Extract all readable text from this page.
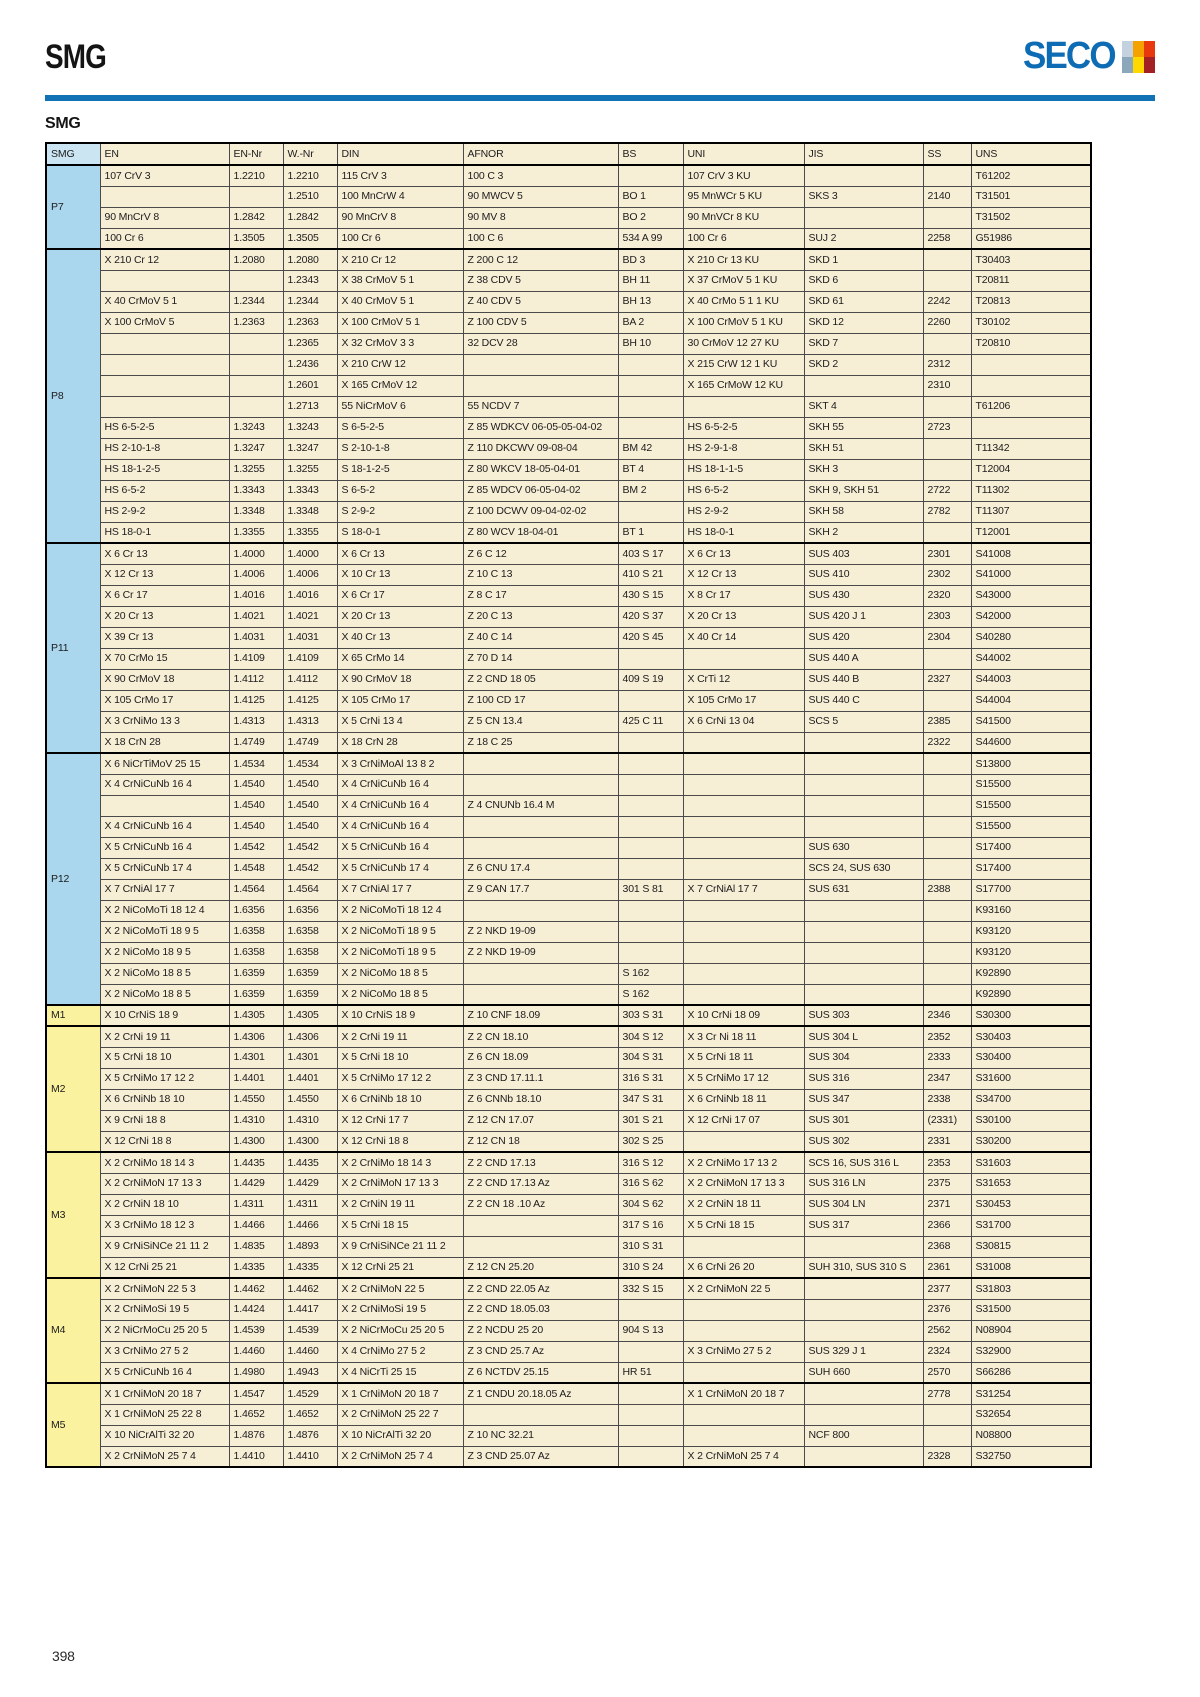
SMG	SECO
SMG
SMG	EN	EN-Nr	W.-Nr	DIN	AFNOR	BS	UNI	JIS	SS	UNS
P7	107 CrV 3	1.2210	1.2210	115 CrV 3	100 C 3		107 CrV 3 KU			T61202
			1.2510	100 MnCrW 4	90 MWCV 5	BO 1	95 MnWCr 5 KU	SKS 3	2140	T31501
	90 MnCrV 8	1.2842	1.2842	90 MnCrV 8	90 MV 8	BO 2	90 MnVCr 8 KU			T31502
	100 Cr 6	1.3505	1.3505	100 Cr 6	100 C 6	534 A 99	100 Cr 6	SUJ 2	2258	G51986
P8	X 210 Cr 12	1.2080	1.2080	X 210 Cr 12	Z 200 C 12	BD 3	X 210 Cr 13 KU	SKD 1		T30403
			1.2343	X 38 CrMoV 5 1	Z 38 CDV 5	BH 11	X 37 CrMoV 5 1 KU	SKD 6		T20811
	X 40 CrMoV 5 1	1.2344	1.2344	X 40 CrMoV 5 1	Z 40 CDV 5	BH 13	X 40 CrMo 5 1 1 KU	SKD 61	2242	T20813
	X 100 CrMoV 5	1.2363	1.2363	X 100 CrMoV 5 1	Z 100 CDV 5	BA 2	X 100 CrMoV 5 1 KU	SKD 12	2260	T30102
			1.2365	X 32 CrMoV 3 3	32 DCV 28	BH 10	30 CrMoV 12 27 KU	SKD 7		T20810
			1.2436	X 210 CrW 12			X 215 CrW 12 1 KU	SKD 2	2312	
			1.2601	X 165 CrMoV 12			X 165 CrMoW 12 KU		2310	
			1.2713	55 NiCrMoV 6	55 NCDV 7			SKT 4		T61206
	HS 6-5-2-5	1.3243	1.3243	S 6-5-2-5	Z 85 WDKCV 06-05-05-04-02		HS 6-5-2-5	SKH 55	2723	
	HS 2-10-1-8	1.3247	1.3247	S 2-10-1-8	Z 110 DKCWV 09-08-04	BM 42	HS 2-9-1-8	SKH 51		T11342
	HS 18-1-2-5	1.3255	1.3255	S 18-1-2-5	Z 80 WKCV 18-05-04-01	BT 4	HS 18-1-1-5	SKH 3		T12004
	HS 6-5-2	1.3343	1.3343	S 6-5-2	Z 85 WDCV 06-05-04-02	BM 2	HS 6-5-2	SKH 9, SKH 51	2722	T11302
	HS 2-9-2	1.3348	1.3348	S 2-9-2	Z 100 DCWV 09-04-02-02		HS 2-9-2	SKH 58	2782	T11307
	HS 18-0-1	1.3355	1.3355	S 18-0-1	Z 80 WCV 18-04-01	BT 1	HS 18-0-1	SKH 2		T12001
P11	X 6 Cr 13	1.4000	1.4000	X 6 Cr 13	Z 6 C 12	403 S 17	X 6 Cr 13	SUS 403	2301	S41008
	X 12 Cr 13	1.4006	1.4006	X 10 Cr 13	Z 10 C 13	410 S 21	X 12 Cr 13	SUS 410	2302	S41000
	X 6 Cr 17	1.4016	1.4016	X 6 Cr 17	Z 8 C 17	430 S 15	X 8 Cr 17	SUS 430	2320	S43000
	X 20 Cr 13	1.4021	1.4021	X 20 Cr 13	Z 20 C 13	420 S 37	X 20 Cr 13	SUS 420 J 1	2303	S42000
	X 39 Cr 13	1.4031	1.4031	X 40 Cr 13	Z 40 C 14	420 S 45	X 40 Cr 14	SUS 420	2304	S40280
	X 70 CrMo 15	1.4109	1.4109	X 65 CrMo 14	Z 70 D 14			SUS 440 A		S44002
	X 90 CrMoV 18	1.4112	1.4112	X 90 CrMoV 18	Z 2 CND 18 05	409 S 19	X CrTi 12	SUS 440 B	2327	S44003
	X 105 CrMo 17	1.4125	1.4125	X 105 CrMo 17	Z 100 CD 17		X 105 CrMo 17	SUS 440 C		S44004
	X 3 CrNiMo 13 3	1.4313	1.4313	X 5 CrNi 13 4	Z 5 CN 13.4	425 C 11	X 6 CrNi 13 04	SCS 5	2385	S41500
	X 18 CrN 28	1.4749	1.4749	X 18 CrN 28	Z 18 C 25				2322	S44600
P12	X 6 NiCrTiMoV 25 15	1.4534	1.4534	X 3 CrNiMoAl 13 8 2						S13800
	X 4 CrNiCuNb 16 4	1.4540	1.4540	X 4 CrNiCuNb 16 4						S15500
		1.4540	1.4540	X 4 CrNiCuNb 16 4	Z 4 CNUNb 16.4 M					S15500
	X 4 CrNiCuNb 16 4	1.4540	1.4540	X 4 CrNiCuNb 16 4						S15500
	X 5 CrNiCuNb 16 4	1.4542	1.4542	X 5 CrNiCuNb 16 4				SUS 630		S17400
	X 5 CrNiCuNb 17 4	1.4548	1.4542	X 5 CrNiCuNb 17 4	Z 6 CNU 17.4			SCS 24, SUS 630		S17400
	X 7 CrNiAl 17 7	1.4564	1.4564	X 7 CrNiAl 17 7	Z 9 CAN 17.7	301 S 81	X 7 CrNiAl 17 7	SUS 631	2388	S17700
	X 2 NiCoMoTi 18 12 4	1.6356	1.6356	X 2 NiCoMoTi 18 12 4						K93160
	X 2 NiCoMoTi 18 9 5	1.6358	1.6358	X 2 NiCoMoTi 18 9 5	Z 2 NKD 19-09					K93120
	X 2 NiCoMo 18 9 5	1.6358	1.6358	X 2 NiCoMoTi 18 9 5	Z 2 NKD 19-09					K93120
	X 2 NiCoMo 18 8 5	1.6359	1.6359	X 2 NiCoMo 18 8 5		S 162				K92890
	X 2 NiCoMo 18 8 5	1.6359	1.6359	X 2 NiCoMo 18 8 5		S 162				K92890
M1	X 10 CrNiS 18 9	1.4305	1.4305	X 10 CrNiS 18 9	Z 10 CNF 18.09	303 S 31	X 10 CrNi 18 09	SUS 303	2346	S30300
M2	X 2 CrNi 19 11	1.4306	1.4306	X 2 CrNi 19 11	Z 2 CN 18.10	304 S 12	X 3 Cr Ni 18 11	SUS 304 L	2352	S30403
	X 5 CrNi 18 10	1.4301	1.4301	X 5 CrNi 18 10	Z 6 CN 18.09	304 S 31	X 5 CrNi 18 11	SUS 304	2333	S30400
	X 5 CrNiMo 17 12 2	1.4401	1.4401	X 5 CrNiMo 17 12 2	Z 3 CND 17.11.1	316 S 31	X 5 CrNiMo 17 12	SUS 316	2347	S31600
	X 6 CrNiNb 18 10	1.4550	1.4550	X 6 CrNiNb 18 10	Z 6 CNNb 18.10	347 S 31	X 6 CrNiNb 18 11	SUS 347	2338	S34700
	X 9 CrNi 18 8	1.4310	1.4310	X 12 CrNi 17 7	Z 12 CN 17.07	301 S 21	X 12 CrNi 17 07	SUS 301	(2331)	S30100
	X 12 CrNi 18 8	1.4300	1.4300	X 12 CrNi 18 8	Z 12 CN 18	302 S 25		SUS 302	2331	S30200
M3	X 2 CrNiMo 18 14 3	1.4435	1.4435	X 2 CrNiMo 18 14 3	Z 2 CND 17.13	316 S 12	X 2 CrNiMo 17 13 2	SCS 16, SUS 316 L	2353	S31603
	X 2 CrNiMoN 17 13 3	1.4429	1.4429	X 2 CrNiMoN 17 13 3	Z 2 CND 17.13 Az	316 S 62	X 2 CrNiMoN 17 13 3	SUS 316 LN	2375	S31653
	X 2 CrNiN 18 10	1.4311	1.4311	X 2 CrNiN 19 11	Z 2 CN 18 .10 Az	304 S 62	X 2 CrNiN 18 11	SUS 304 LN	2371	S30453
	X 3 CrNiMo 18 12 3	1.4466	1.4466	X 5 CrNi 18 15		317 S 16	X 5 CrNi 18 15	SUS 317	2366	S31700
	X 9 CrNiSiNCe 21 11 2	1.4835	1.4893	X 9 CrNiSiNCe 21 11 2		310 S 31			2368	S30815
	X 12 CrNi 25 21	1.4335	1.4335	X 12 CrNi 25 21	Z 12 CN 25.20	310 S 24	X 6 CrNi 26 20	SUH 310, SUS 310 S	2361	S31008
M4	X 2 CrNiMoN 22 5 3	1.4462	1.4462	X 2 CrNiMoN 22 5	Z 2 CND 22.05 Az	332 S 15	X 2 CrNiMoN 22 5		2377	S31803
	X 2 CrNiMoSi 19 5	1.4424	1.4417	X 2 CrNiMoSi 19 5	Z 2 CND 18.05.03				2376	S31500
	X 2 NiCrMoCu 25 20 5	1.4539	1.4539	X 2 NiCrMoCu 25 20 5	Z 2 NCDU 25 20	904 S 13			2562	N08904
	X 3 CrNiMo 27 5 2	1.4460	1.4460	X 4 CrNiMo 27 5 2	Z 3 CND 25.7 Az		X 3 CrNiMo 27 5 2	SUS 329 J 1	2324	S32900
	X 5 CrNiCuNb 16 4	1.4980	1.4943	X 4 NiCrTi 25 15	Z 6 NCTDV 25.15	HR 51		SUH 660	2570	S66286
M5	X 1 CrNiMoN 20 18 7	1.4547	1.4529	X 1 CrNiMoN 20 18 7	Z 1 CNDU 20.18.05 Az		X 1 CrNiMoN 20 18 7		2778	S31254
	X 1 CrNiMoN 25 22 8	1.4652	1.4652	X 2 CrNiMoN 25 22 7						S32654
	X 10 NiCrAlTi 32 20	1.4876	1.4876	X 10 NiCrAlTi 32 20	Z 10 NC 32.21			NCF 800		N08800
	X 2 CrNiMoN 25 7 4	1.4410	1.4410	X 2 CrNiMoN 25 7 4	Z 3 CND 25.07 Az		X 2 CrNiMoN 25 7 4		2328	S32750
398
